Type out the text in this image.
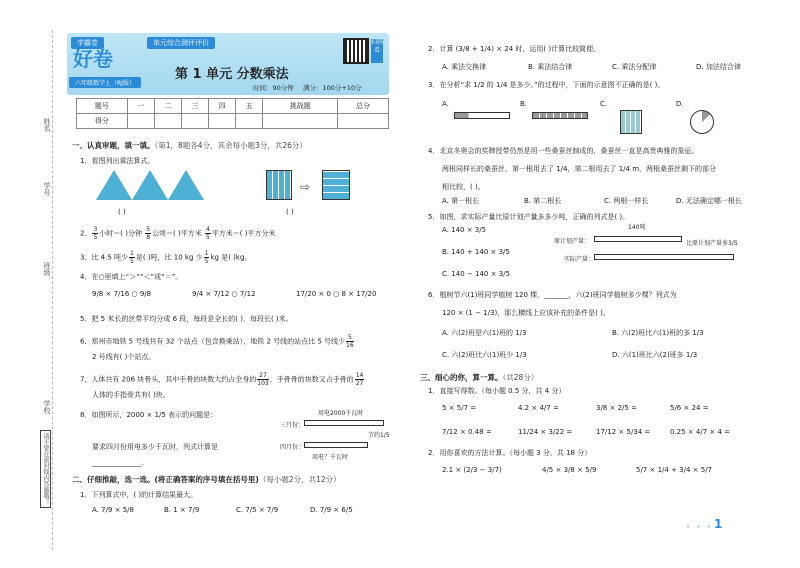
姓名
学号
班级
学校
请不要在密封线内答题哦！
学霸卷
好卷
单元综合测评评价
六年级数学上（RJ版）
第 1 单元 分数乘法
时间：90分钟 满分：100分+10分
扫码看
题号	一	二	三	四	五	挑战题	总分
得分							
一、认真审题，填一填。（第1，8题各4分，其余每小题3分，共26分）
1．看图列出乘法算式。
⇨
( )	( )
2． $\frac{3}{5}$ 小时＝( )分钟 $\frac{5}{8}$ 公顷＝( )平方米 $\frac{4}{5}$ 平方米＝( )平方分米
3．比 4.5 吨少 $\frac{1}{5}$ 是( )吨，比 10 kg 少 $\frac{1}{5}$ kg 是( )kg。
4．在○里填上“＞”“＜”或“＝”。
9/8 × 7/16 ○ 9/8	9/4 × 7/12 ○ 7/12	17/20 × 0 ○ 8 × 17/20
5．把 5 米长的丝带平均分成 6 段，每段是全长的( )，每段长( )米。
6．郑州市地铁 5 号线共有 32 个站点（包含换乘站），地铁 2 号线的站点比 5 号线少 $\frac{5}{16}$
2 号线有( )个站点。
7．人体共有 206 块骨头，其中手骨的块数大约占全身的 $\frac{27}{103}$ ，手骨骨的块数又占手骨的 $\frac{14}{27}$
人体的手指骨共有( )块。
8．如图所示，2000 × 1/5 表示的问题是：
要求四月份用电多少千瓦时，列式计算是
______________。
三月份：
用电2000千瓦时
节约1/5
四月份：
用电？千瓦时
二、仔细推敲，选一选。(将正确答案的序号填在括号里)（每小题2分，共12分）
1．下列算式中，( )的计算结果最大。
A. 7/9 × 5/8	B. 1 × 7/9	C. 7/5 × 7/9	D. 7/9 × 6/5
2．计算 (3/8 + 1/4) × 24 时，运用( )计算比较简便。
A. 乘法交换律	B. 乘法结合律	C. 乘法分配律	D. 加法结合律
3．在分析“求 1/2 的 1/4 是多少。”的过程中，下面的示意图不正确的是( )。
A.	B.	C.	D.
4．北京冬奥会的奖牌授带仍然是用一些桑蚕丝制成的，桑蚕丝一直是高贵典雅的象征。
两根同样长的桑蚕丝，第一根用去了 1/4，第二根用去了 1/4 m，两根桑蚕丝剩下的部分
相比较，( )。
A. 第一根长	B. 第二根长	C. 两根一样长	D. 无法确定哪一根长
5．如图，求实际产量比原计划产量多多少吨，正确的列式是( )。
A. 140 × 3/5
B. 140 + 140 × 3/5
C. 140 − 140 × 3/5
140吨
原计划产量：	比原计划产量多3/5
实际产量：
6．植树节六(1)班同学植树 120 棵，_______，六(2)班同学植树多少棵？列式为
120 × (1 − 1/3)，那么横线上应该补充的条件是( )。
A. 六(2)班是六(1)班的 1/3	B. 六(2)班比六(1)班的多 1/3
C. 六(2)班比六(1)班少 1/3	D. 六(1)班比六(2)班多 1/3
三、细心的你，算一算。（共28分）
1．直接写得数。（每小题 0.5 分，共 4 分）
5 × 5/7 =	4.2 × 4/7 =	3/8 × 2/5 =	5/6 × 24 =
7/12 × 0.48 =	11/24 × 3/22 =	17/12 × 5/34 =	0.25 × 4/7 × 4 =
2．用你喜欢的方法计算。（每小题 3 分，共 18 分）
2.1 × (2/3 − 3/7)	4/5 × 3/8 × 5/9	5/7 × 1/4 + 3/4 × 5/7
• • • 1
